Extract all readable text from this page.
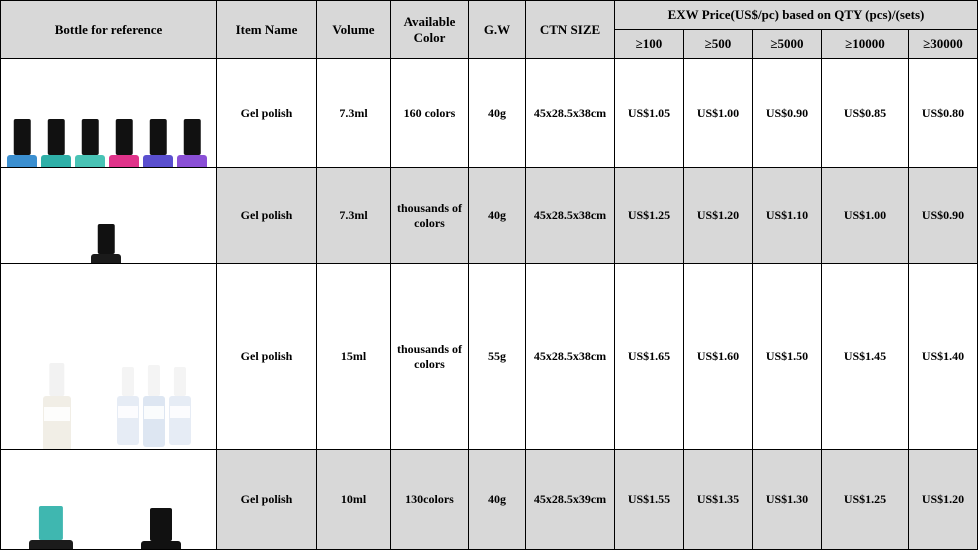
Bottle for reference	Item Name	Volume	Available Color	G.W	CTN SIZE	EXW Price(US$/pc) based on QTY (pcs)/(sets)				
						≥100	≥500	≥5000	≥10000	≥30000

	Gel polish	7.3ml	160 colors	40g	45x28.5x38cm	US$1.05	US$1.00	US$0.90	US$0.85	US$0.80

	Gel polish	7.3ml	thousands of colors	40g	45x28.5x38cm	US$1.25	US$1.20	US$1.10	US$1.00	US$0.90

	Gel polish	15ml	thousands of colors	55g	45x28.5x38cm	US$1.65	US$1.60	US$1.50	US$1.45	US$1.40

	Gel polish	10ml	130colors	40g	45x28.5x39cm	US$1.55	US$1.35	US$1.30	US$1.25	US$1.20
